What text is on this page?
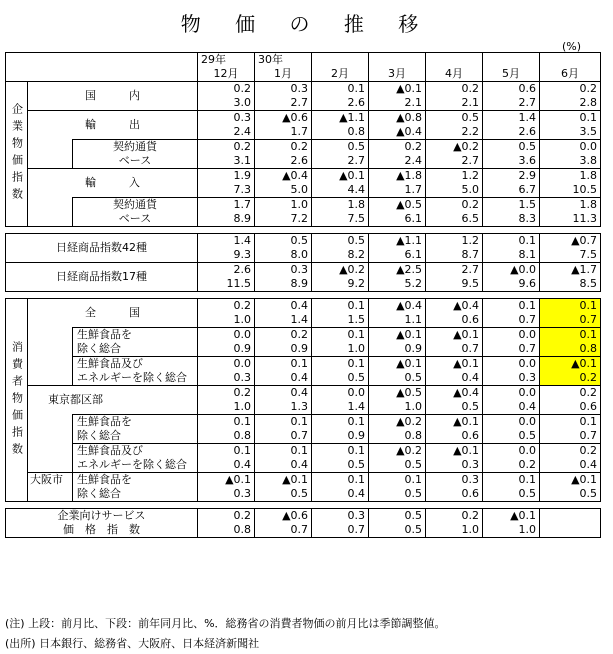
物 価 の 推 移
(%)
			29年	30年					
			12月	1月	2月	3月	4月	5月	6月
企業物価指数	国　　　内		0.2	0.3	0.1	▲0.1	0.2	0.6	0.2
			3.0	2.7	2.6	2.1	2.1	2.7	2.8
	輸　　　出		0.3	▲0.6	▲1.1	▲0.8	0.5	1.4	0.1
			2.4	1.7	0.8	▲0.4	2.2	2.6	3.5
		契約通貨	0.2	0.2	0.5	0.2	▲0.2	0.5	0.0
		ベース	3.1	2.6	2.7	2.4	2.7	3.6	3.8
	輸　　　入		1.9	▲0.4	▲0.1	▲1.8	1.2	2.9	1.8
			7.3	5.0	4.4	1.7	5.0	6.7	10.5
		契約通貨	1.7	1.0	1.8	▲0.5	0.2	1.5	1.8
		ベース	8.9	7.2	7.5	6.1	6.5	8.3	11.3

日経商品指数42種			1.4	0.5	0.5	▲1.1	1.2	0.1	▲0.7
			9.3	8.0	8.2	6.1	8.7	8.1	7.5
日経商品指数17種			2.6	0.3	▲0.2	▲2.5	2.7	▲0.0	▲1.7
			11.5	8.9	9.2	5.2	9.5	9.6	8.5

消費者物価指数	全　　　国		0.2	0.4	0.1	▲0.4	▲0.4	0.1	0.1
			1.0	1.4	1.5	1.1	0.6	0.7	0.7
		生鮮食品を	0.0	0.2	0.1	▲0.1	▲0.1	0.0	0.1
		除く総合	0.9	0.9	1.0	0.9	0.7	0.7	0.8
		生鮮食品及び	0.0	0.1	0.1	▲0.1	▲0.1	0.0	▲0.1
		エネルギーを除く総合	0.3	0.4	0.5	0.5	0.4	0.3	0.2
	東京都区部		0.2	0.4	0.0	▲0.5	▲0.4	0.0	0.2
			1.0	1.3	1.4	1.0	0.5	0.4	0.6
		生鮮食品を	0.1	0.1	0.1	▲0.2	▲0.1	0.0	0.1
		除く総合	0.8	0.7	0.9	0.8	0.6	0.5	0.7
		生鮮食品及び	0.1	0.1	0.1	▲0.2	▲0.1	0.0	0.2
		エネルギーを除く総合	0.4	0.4	0.5	0.5	0.3	0.2	0.4
	大阪市	生鮮食品を	▲0.1	▲0.1	0.1	0.1	0.3	0.1	▲0.1
		除く総合	0.3	0.5	0.4	0.5	0.6	0.5	0.5

企業向けサービス			0.2	▲0.6	0.3	0.5	0.2	▲0.1	
価　格　指　数			0.8	0.7	0.7	0.5	1.0	1.0	
(注) 上段：前月比、下段：前年同月比、%．総務省の消費者物価の前月比は季節調整値。
(出所) 日本銀行、総務省、大阪府、日本経済新聞社
